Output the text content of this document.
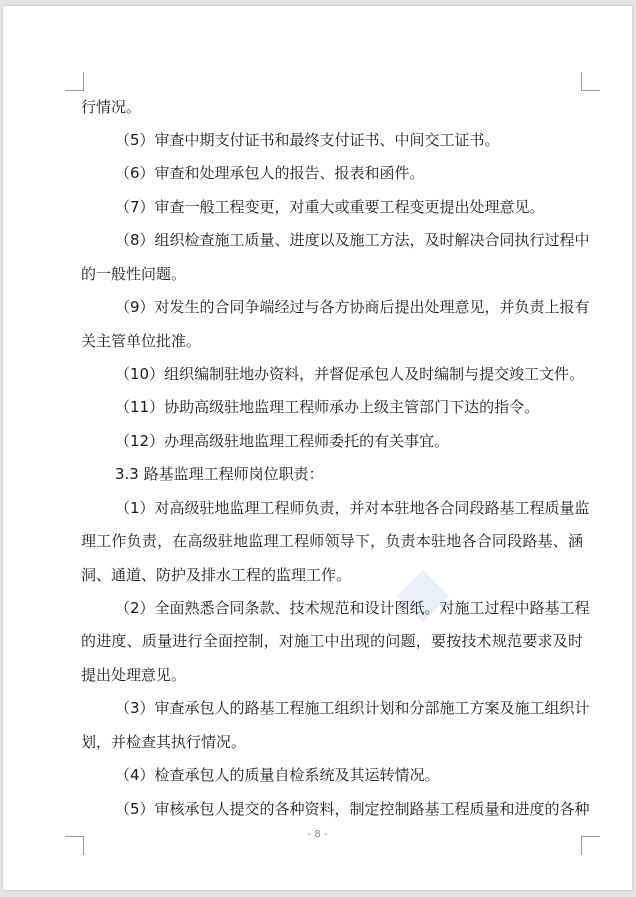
行情况。
（5）审查中期支付证书和最终支付证书、中间交工证书。
（6）审查和处理承包人的报告、报表和函件。
（7）审查一般工程变更，对重大或重要工程变更提出处理意见。
（8）组织检查施工质量、进度以及施工方法，及时解决合同执行过程中
的一般性问题。
（9）对发生的合同争端经过与各方协商后提出处理意见，并负责上报有
关主管单位批准。
（10）组织编制驻地办资料，并督促承包人及时编制与提交竣工文件。
（11）协助高级驻地监理工程师承办上级主管部门下达的指令。
（12）办理高级驻地监理工程师委托的有关事宜。
3.3 路基监理工程师岗位职责：
（1）对高级驻地监理工程师负责，并对本驻地各合同段路基工程质量监
理工作负责，在高级驻地监理工程师领导下，负责本驻地各合同段路基、涵
洞、通道、防护及排水工程的监理工作。
（2）全面熟悉合同条款、技术规范和设计图纸。对施工过程中路基工程
的进度、质量进行全面控制，对施工中出现的问题，要按技术规范要求及时
提出处理意见。
（3）审查承包人的路基工程施工组织计划和分部施工方案及施工组织计
划，并检查其执行情况。
（4）检查承包人的质量自检系统及其运转情况。
（5）审核承包人提交的各种资料，制定控制路基工程质量和进度的各种
- 8 -
